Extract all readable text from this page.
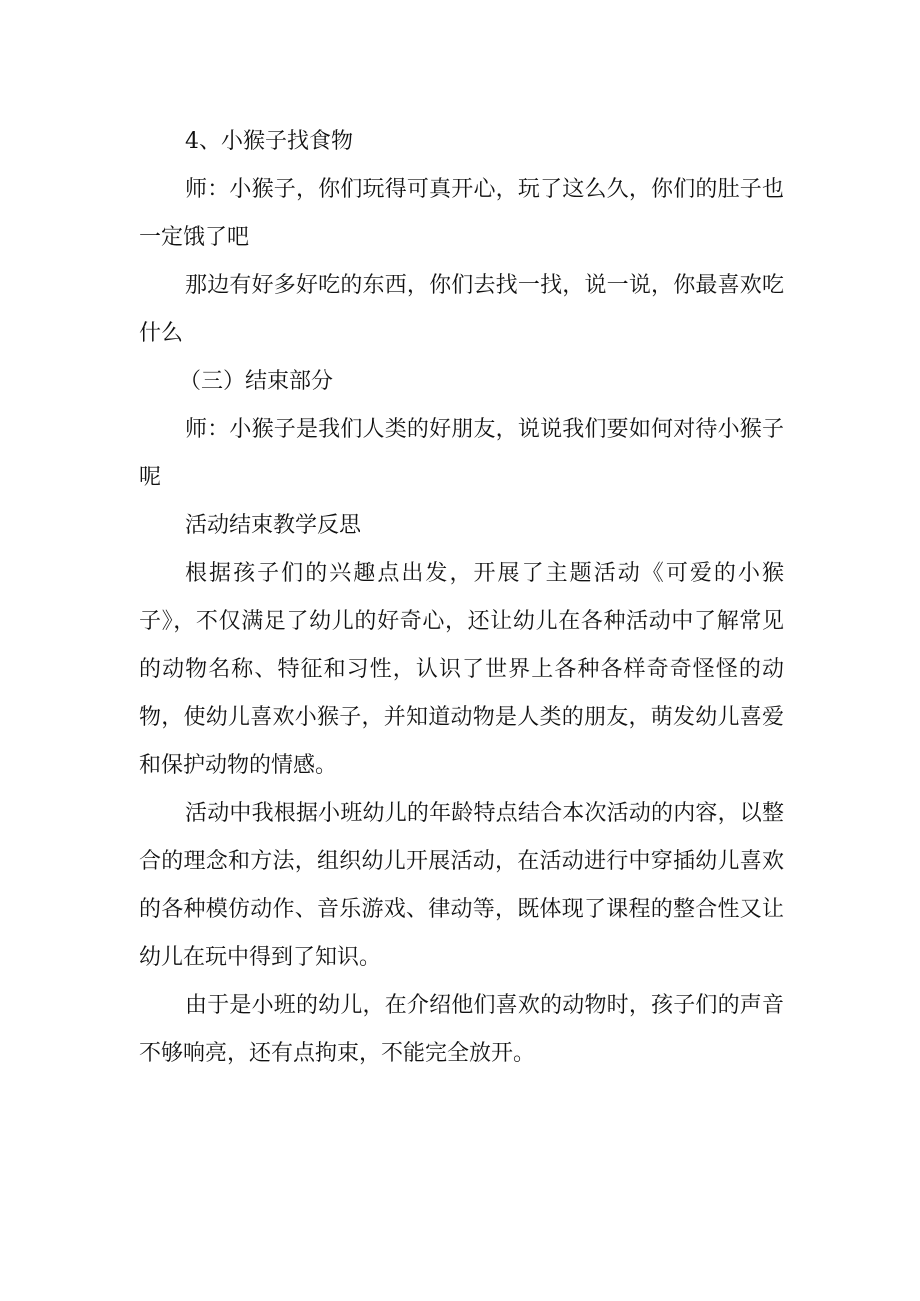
4、小猴子找食物

师：小猴子，你们玩得可真开心，玩了这么久，你们的肚子也一定饿了吧

那边有好多好吃的东西，你们去找一找，说一说，你最喜欢吃什么

（三）结束部分

师：小猴子是我们人类的好朋友，说说我们要如何对待小猴子呢

活动结束教学反思

根据孩子们的兴趣点出发，开展了主题活动《可爱的小猴子》，不仅满足了幼儿的好奇心，还让幼儿在各种活动中了解常见的动物名称、特征和习性，认识了世界上各种各样奇奇怪怪的动物，使幼儿喜欢小猴子，并知道动物是人类的朋友，萌发幼儿喜爱和保护动物的情感。

活动中我根据小班幼儿的年龄特点结合本次活动的内容，以整合的理念和方法，组织幼儿开展活动，在活动进行中穿插幼儿喜欢的各种模仿动作、音乐游戏、律动等，既体现了课程的整合性又让幼儿在玩中得到了知识。

由于是小班的幼儿，在介绍他们喜欢的动物时，孩子们的声音不够响亮，还有点拘束，不能完全放开。
